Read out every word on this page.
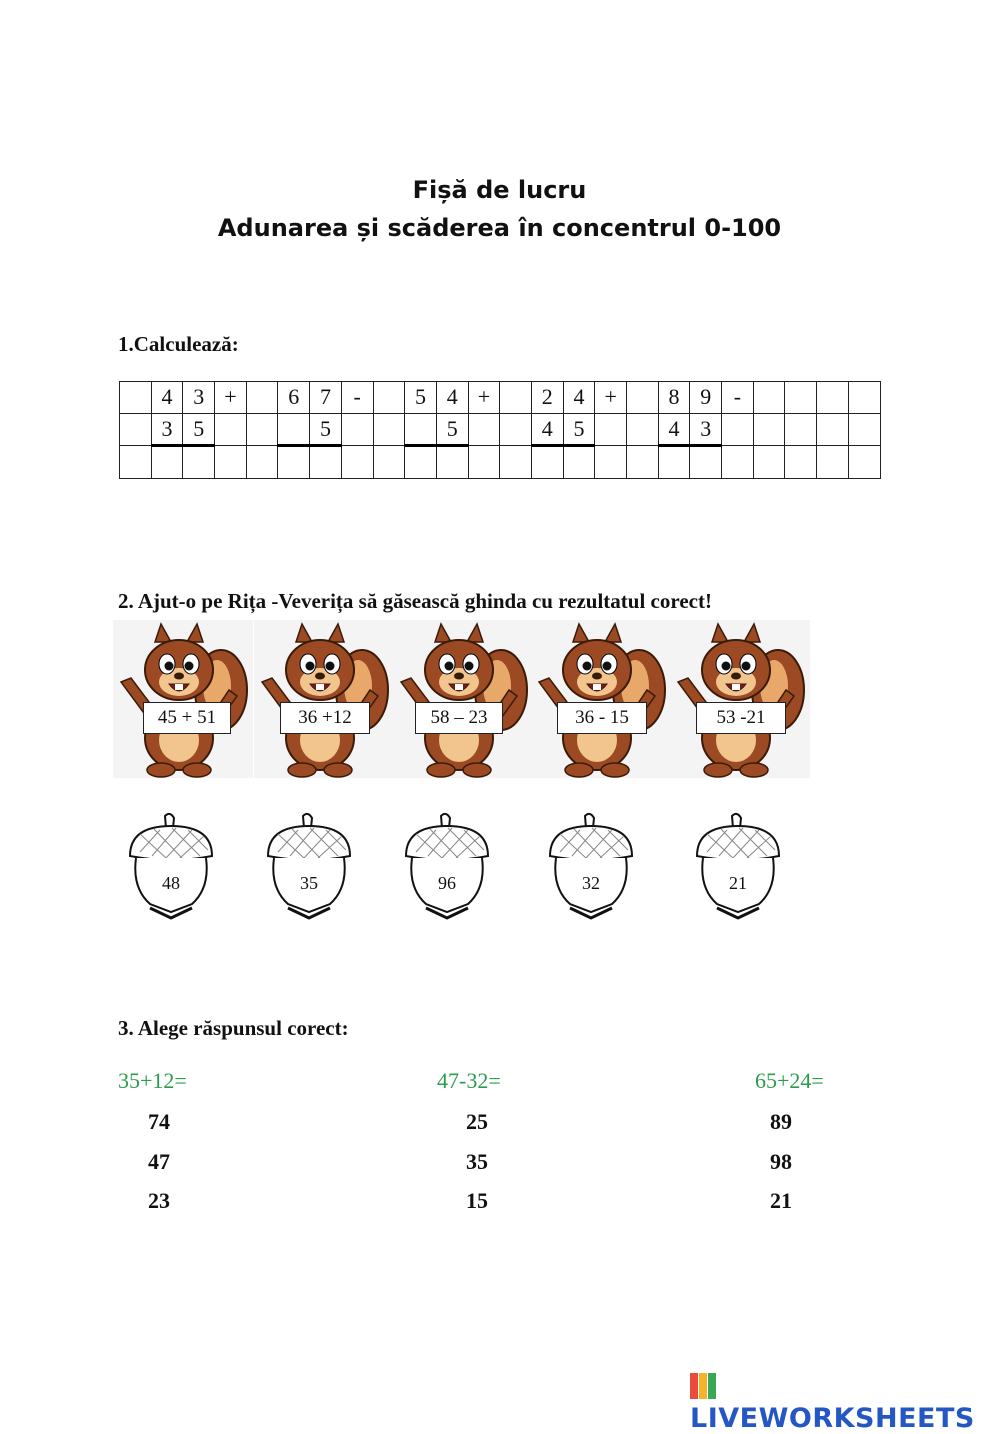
Fișă de lucru
Adunarea și scăderea în concentrul 0-100
1.Calculează:
	4	3	+		6	7	-		5	4	+		2	4	+		8	9	-				
	3	5				5				5			4	5			4	3					

2. Ajut-o pe Rița -Veverița să găsească ghinda cu rezultatul corect!
45 + 51	36 +12	58 – 23	36 - 15	53 -21
48	35	96	32	21
3. Alege răspunsul corect:
35+12=
74
47
23
47-32=
25
35
15
65+24=
89
98
21
LIVEWORKSHEETS
